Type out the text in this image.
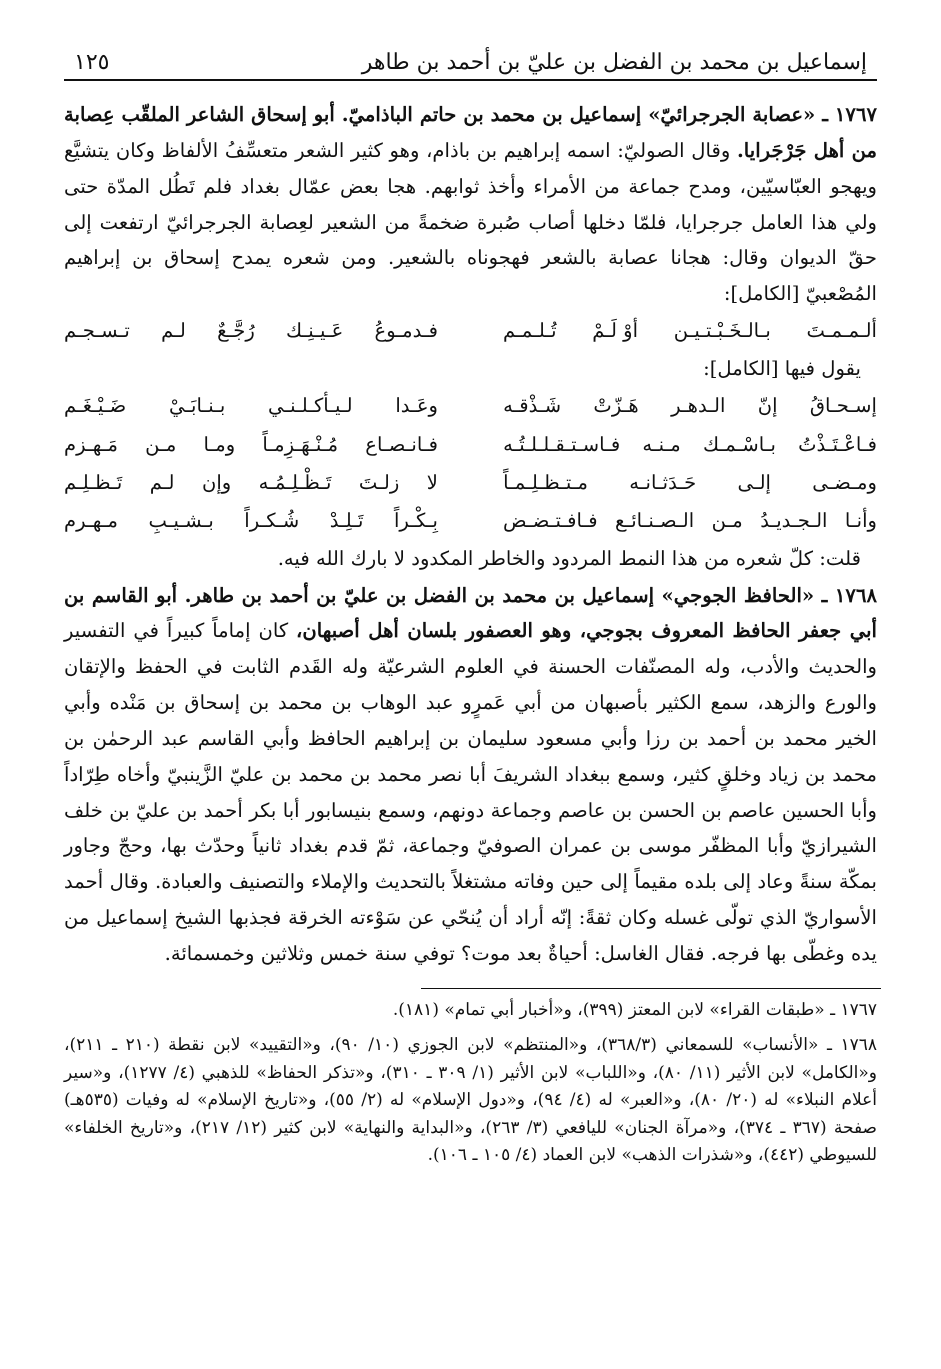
إسماعيل بن محمد بن الفضل بن عليّ بن أحمد بن طاهر
١٢٥
١٧٦٧ ـ «عصابة الجرجرائيّ» إسماعيل بن محمد بن حاتم الباذاميّ. أبو إسحاق الشاعر الملقّب عِصابة من أهل جَرْجَرايا. وقال الصوليّ: اسمه إبراهيم بن باذام، وهو كثير الشعر متعسِّفُ الألفاظ وكان يتشيَّع ويهجو العبّاسيّين، ومدح جماعة من الأمراء وأخذ ثوابهم. هجا بعض عمّال بغداد فلم تَطُل المدّة حتى ولي هذا العامل جرجرايا، فلمّا دخلها أصاب صُبرة ضخمةً من الشعير لعِصابة الجرجرائيّ ارتفعت إلى حقّ الديوان وقال: هجانا عصابة بالشعر فهجوناه بالشعير. ومن شعره يمدح إسحاق بن إبراهيم المُصْعبيّ [الكامل]:
ألـمـمـتَ
بـالـخَـبْـتـيـن
أوْ لَـمْ
تُـلـمـم
فـدمـوعُ
عَـيـنِـك
رُجَّـعٌ
لـم
تـسـجـم
يقول فيها [الكامل]:
إسـحـاقُ
إنّ
الـدهـر
هَـزّتْ
شَـذْقـه
وعَـدا
لـيـأكـلـنـي
بـنـابَـيْ
ضَـيْـغَـم
فـاعْـتَـذْتُ
بـاسْـمـك
مـنـه
فـاسـتـقـلـلـتُـه
فـانـصـاع
مُـنْـهَـزِمـاً
ومـا
مـن
مَـهـزم
ومـضـى
إلـى
حَـدَثـانـه
مـتـظـلِـمـاً
لا
زلـتَ
تَـظْـلِـمُـه
وإن
لـم
تَـظـلِـم
وأنـا
الـجـديـدُ
مـن
الـصـنـائـع
فـافـتـضـض
بِـكْـراً
تَـلِـدْ
شُـكـراً
بـشـيـبِ
مـهـرم
قلت: كلّ شعره من هذا النمط المردود والخاطر المكدود لا بارك الله فيه.
١٧٦٨ ـ «الحافظ الجوجي» إسماعيل بن محمد بن الفضل بن عليّ بن أحمد بن طاهر. أبو القاسم بن أبي جعفر الحافظ المعروف بجوجي، وهو العصفور بلسان أهل أصبهان، كان إماماً كبيراً في التفسير والحديث والأدب، وله المصنّفات الحسنة في العلوم الشرعيّة وله القَدم الثابت في الحفظ والإتقان والورع والزهد، سمع الكثير بأصبهان من أبي عَمرٍو عبد الوهاب بن محمد بن إسحاق بن مَنْده وأبي الخير محمد بن أحمد بن رزا وأبي مسعود سليمان بن إبراهيم الحافظ وأبي القاسم عبد الرحمٰن بن محمد بن زياد وخلقٍ كثير، وسمع ببغداد الشريفَ أبا نصر محمد بن محمد بن عليّ الزَّينبيّ وأخاه طِرّاداً وأبا الحسين عاصم بن الحسن بن عاصم وجماعة دونهم، وسمع بنيسابور أبا بكر أحمد بن عليّ بن خلف الشيرازيّ وأبا المظفّر موسى بن عمران الصوفيّ وجماعة، ثمّ قدم بغداد ثانياً وحدّث بها، وحجّ وجاور بمكّة سنةً وعاد إلى بلده مقيماً إلى حين وفاته مشتغلاً بالتحديث والإملاء والتصنيف والعبادة. وقال أحمد الأسواريّ الذي تولّى غسله وكان ثقةً: إنّه أراد أن يُنحّي عن سَوْءته الخرقة فجذبها الشيخ إسماعيل من يده وغطّى بها فرجه. فقال الغاسل: أحياةٌ بعد موت؟ توفي سنة خمس وثلاثين وخمسمائة.
١٧٦٧ ـ «طبقات القراء» لابن المعتز (٣٩٩)، و«أخبار أبي تمام» (١٨١).
١٧٦٨ ـ «الأنساب» للسمعاني (٣٦٨/٣)، و«المنتظم» لابن الجوزي (١٠/ ٩٠)، و«التقييد» لابن نقطة (٢١٠ ـ ٢١١)، و«الكامل» لابن الأثير (١١/ ٨٠)، و«اللباب» لابن الأثير (١/ ٣٠٩ ـ ٣١٠)، و«تذكر الحفاظ» للذهبي (٤/ ١٢٧٧)، و«سير أعلام النبلاء» له (٢٠/ ٨٠)، و«العبر» له (٤/ ٩٤)، و«دول الإسلام» له (٢/ ٥٥)، و«تاريخ الإسلام» له وفيات (٥٣٥هـ) صفحة (٣٦٧ ـ ٣٧٤)، و«مرآة الجنان» لليافعي (٣/ ٢٦٣)، و«البداية والنهاية» لابن كثير (١٢/ ٢١٧)، و«تاريخ الخلفاء» للسيوطي (٤٤٢)، و«شذرات الذهب» لابن العماد (٤/ ١٠٥ ـ ١٠٦).
